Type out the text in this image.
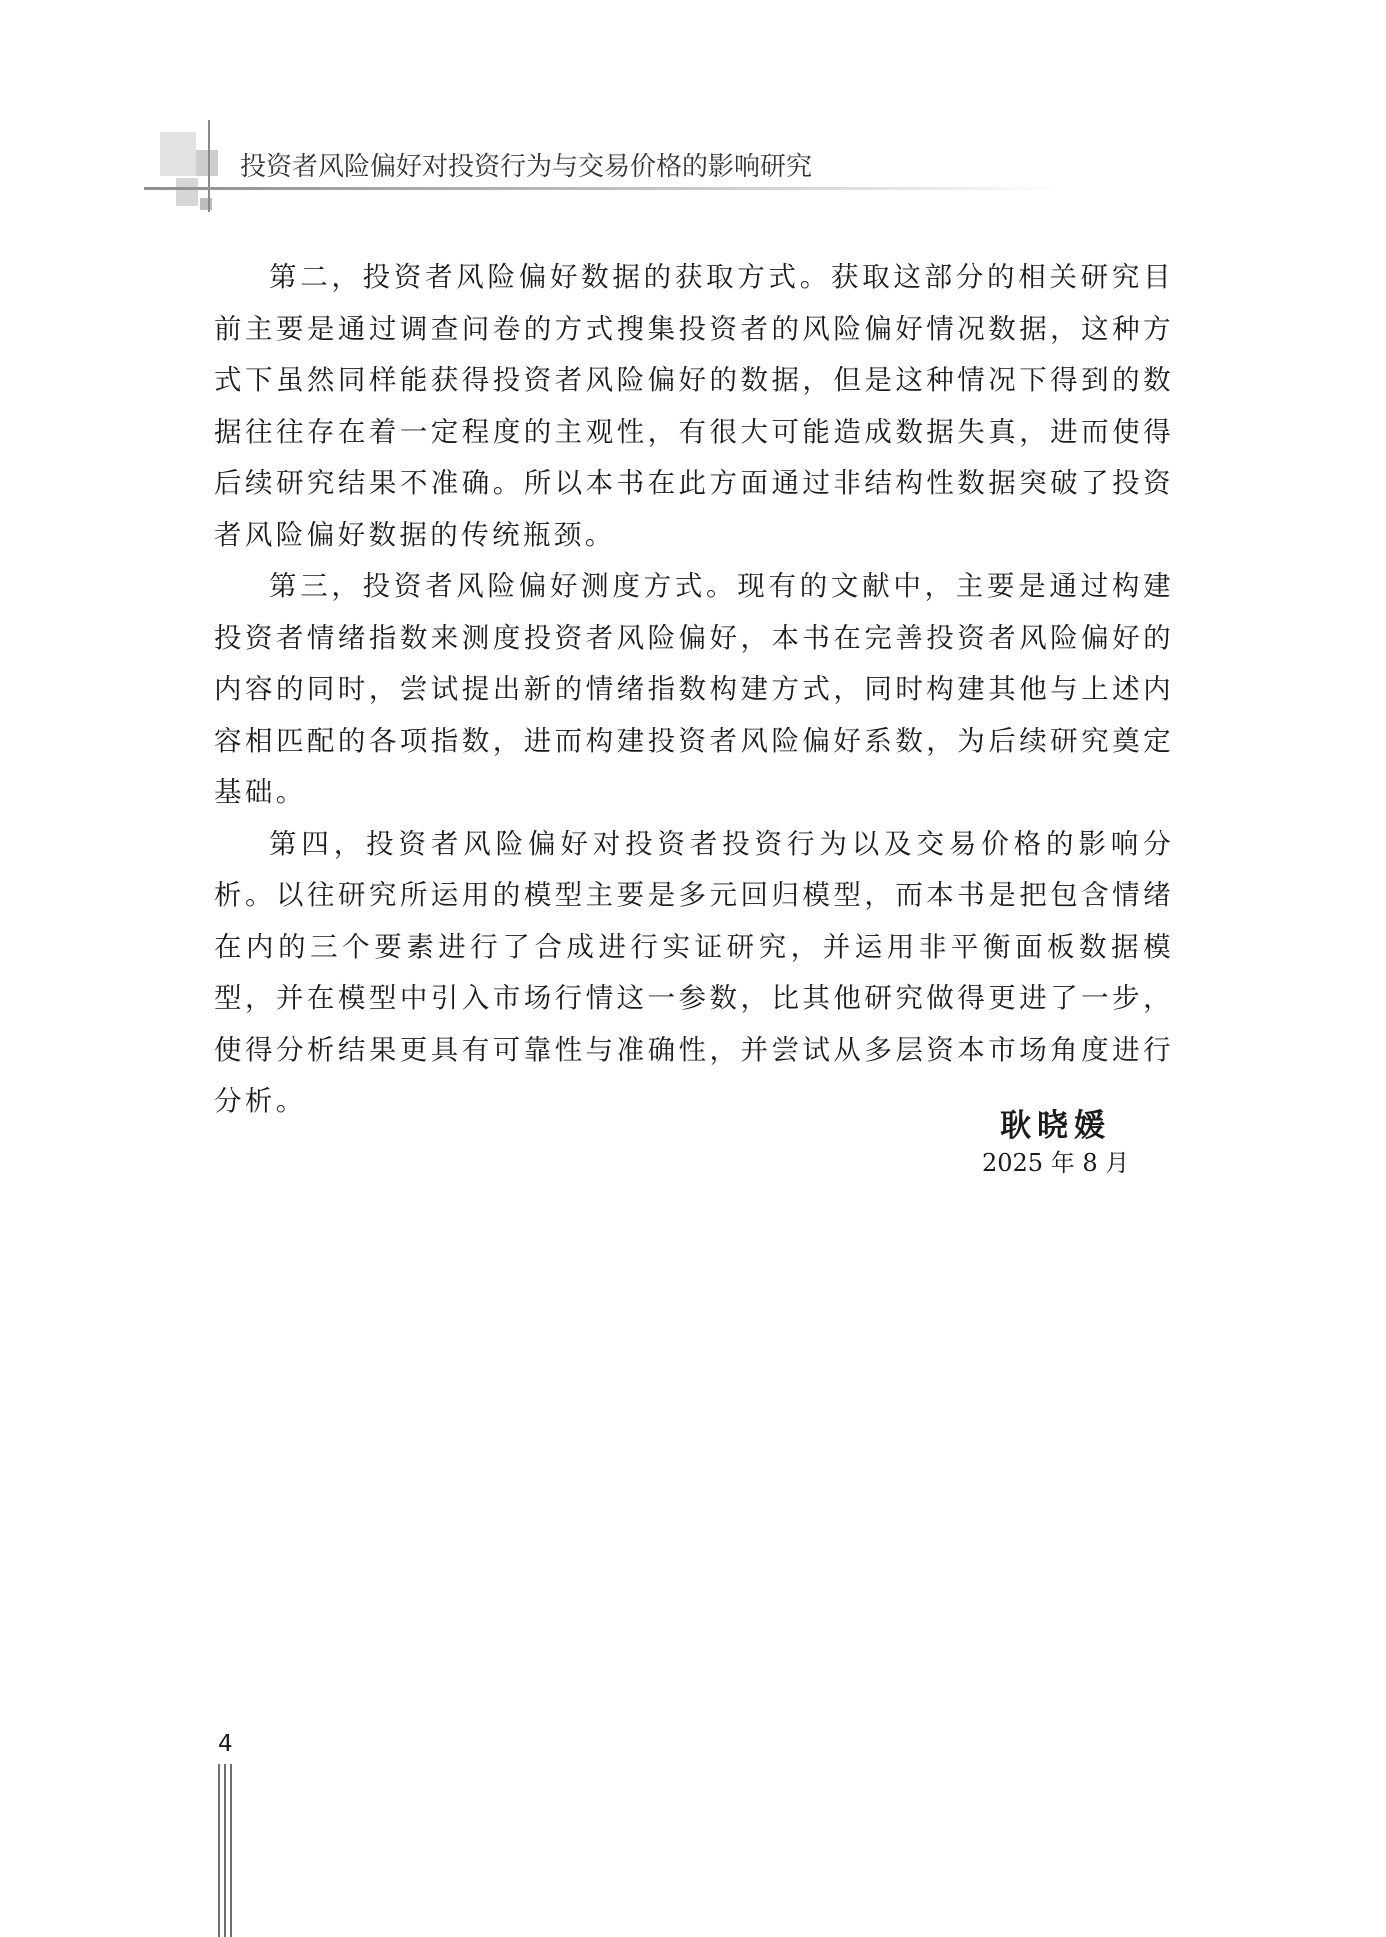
投资者风险偏好对投资行为与交易价格的影响研究

第二，投资者风险偏好数据的获取方式。获取这部分的相关研究目前主要是通过调查问卷的方式搜集投资者的风险偏好情况数据，这种方式下虽然同样能获得投资者风险偏好的数据，但是这种情况下得到的数据往往存在着一定程度的主观性，有很大可能造成数据失真，进而使得后续研究结果不准确。所以本书在此方面通过非结构性数据突破了投资者风险偏好数据的传统瓶颈。

第三，投资者风险偏好测度方式。现有的文献中，主要是通过构建投资者情绪指数来测度投资者风险偏好，本书在完善投资者风险偏好的内容的同时，尝试提出新的情绪指数构建方式，同时构建其他与上述内容相匹配的各项指数，进而构建投资者风险偏好系数，为后续研究奠定基础。

第四，投资者风险偏好对投资者投资行为以及交易价格的影响分析。以往研究所运用的模型主要是多元回归模型，而本书是把包含情绪在内的三个要素进行了合成进行实证研究，并运用非平衡面板数据模型，并在模型中引入市场行情这一参数，比其他研究做得更进了一步，使得分析结果更具有可靠性与准确性，并尝试从多层资本市场角度进行分析。

耿晓媛
2025 年 8 月
4
